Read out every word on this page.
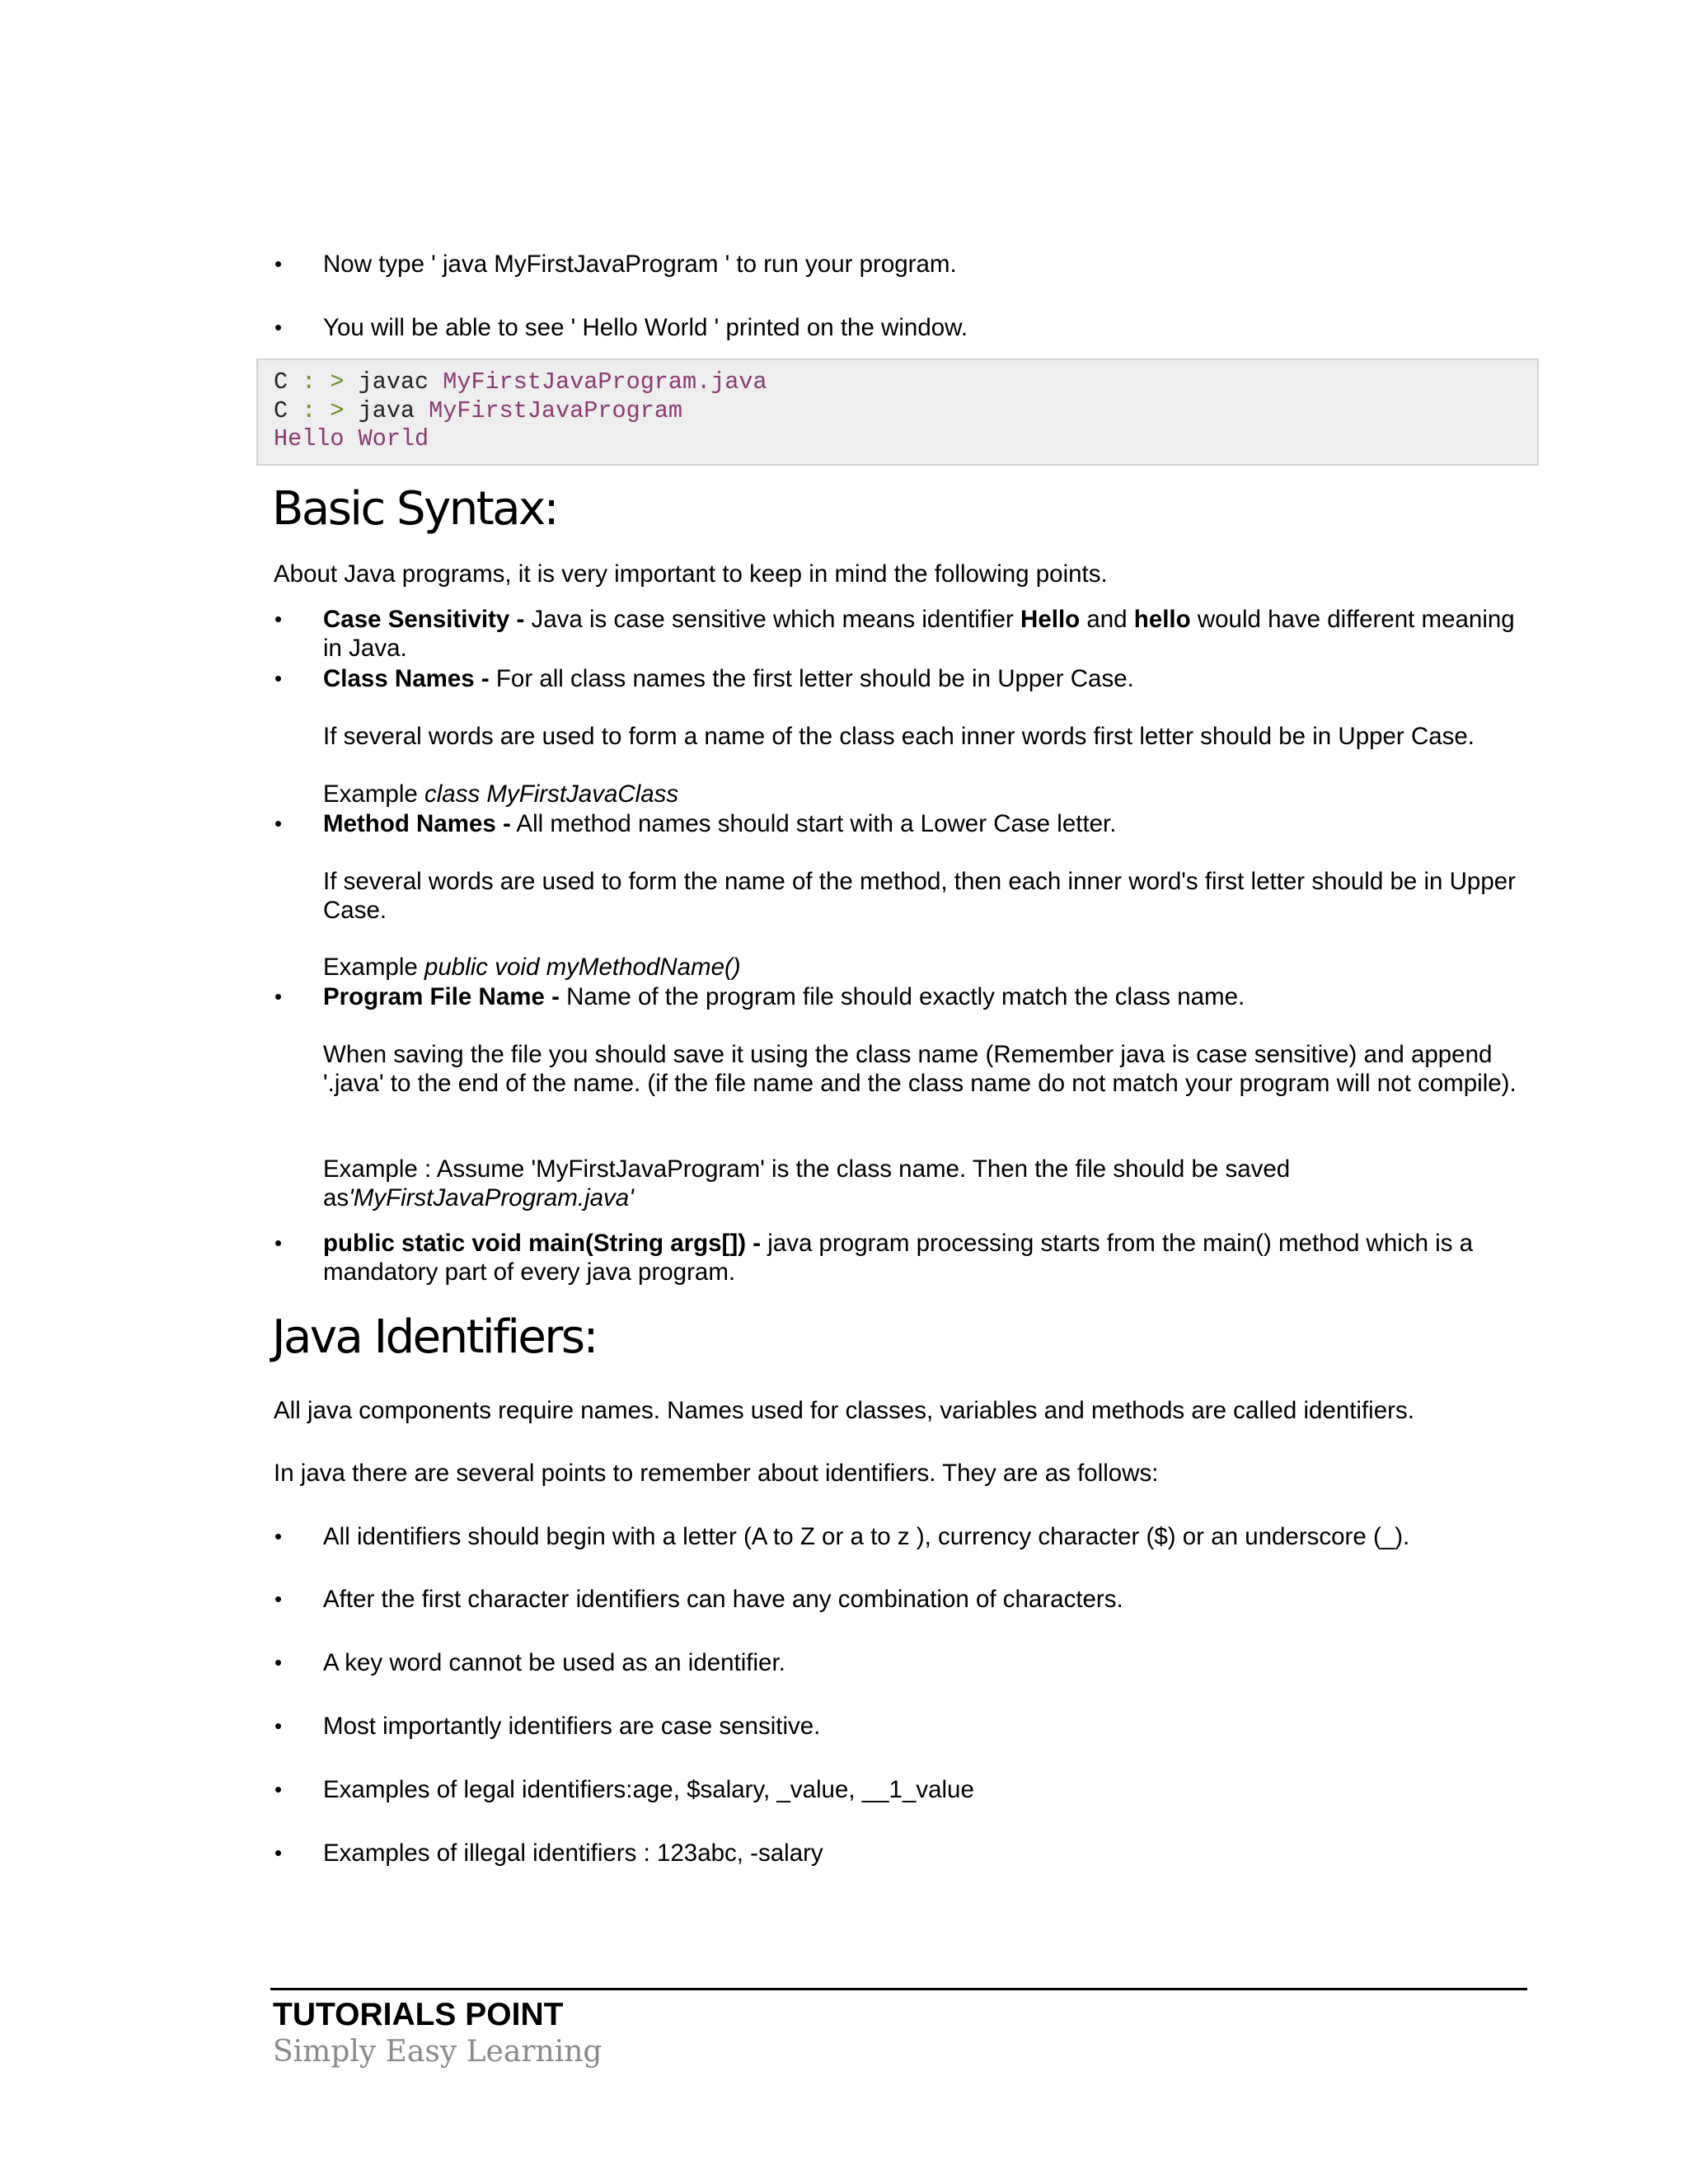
• Now type ' java MyFirstJavaProgram ' to run your program.
• You will be able to see ' Hello World ' printed on the window.
C : > javac MyFirstJavaProgram.java
C : > java MyFirstJavaProgram
Hello World
Basic Syntax:

About Java programs, it is very important to keep in mind the following points.

• Case Sensitivity - Java is case sensitive which means identifier Hello and hello would have different meaning in Java.
• Class Names - For all class names the first letter should be in Upper Case.

If several words are used to form a name of the class each inner words first letter should be in Upper Case.

Example class MyFirstJavaClass

• Method Names - All method names should start with a Lower Case letter.

If several words are used to form the name of the method, then each inner word's first letter should be in Upper Case.

Example public void myMethodName()

• Program File Name - Name of the program file should exactly match the class name.

When saving the file you should save it using the class name (Remember java is case sensitive) and append '.java' to the end of the name. (if the file name and the class name do not match your program will not compile).

Example : Assume 'MyFirstJavaProgram' is the class name. Then the file should be saved as'MyFirstJavaProgram.java'

• public static void main(String args[]) - java program processing starts from the main() method which is a mandatory part of every java program.
Java Identifiers:

All java components require names. Names used for classes, variables and methods are called identifiers.

In java there are several points to remember about identifiers. They are as follows:

• All identifiers should begin with a letter (A to Z or a to z ), currency character ($) or an underscore (_).
• After the first character identifiers can have any combination of characters.
• A key word cannot be used as an identifier.
• Most importantly identifiers are case sensitive.
• Examples of legal identifiers:age, $salary, _value, __1_value
• Examples of illegal identifiers : 123abc, -salary

TUTORIALS POINT

Simply Easy Learning
